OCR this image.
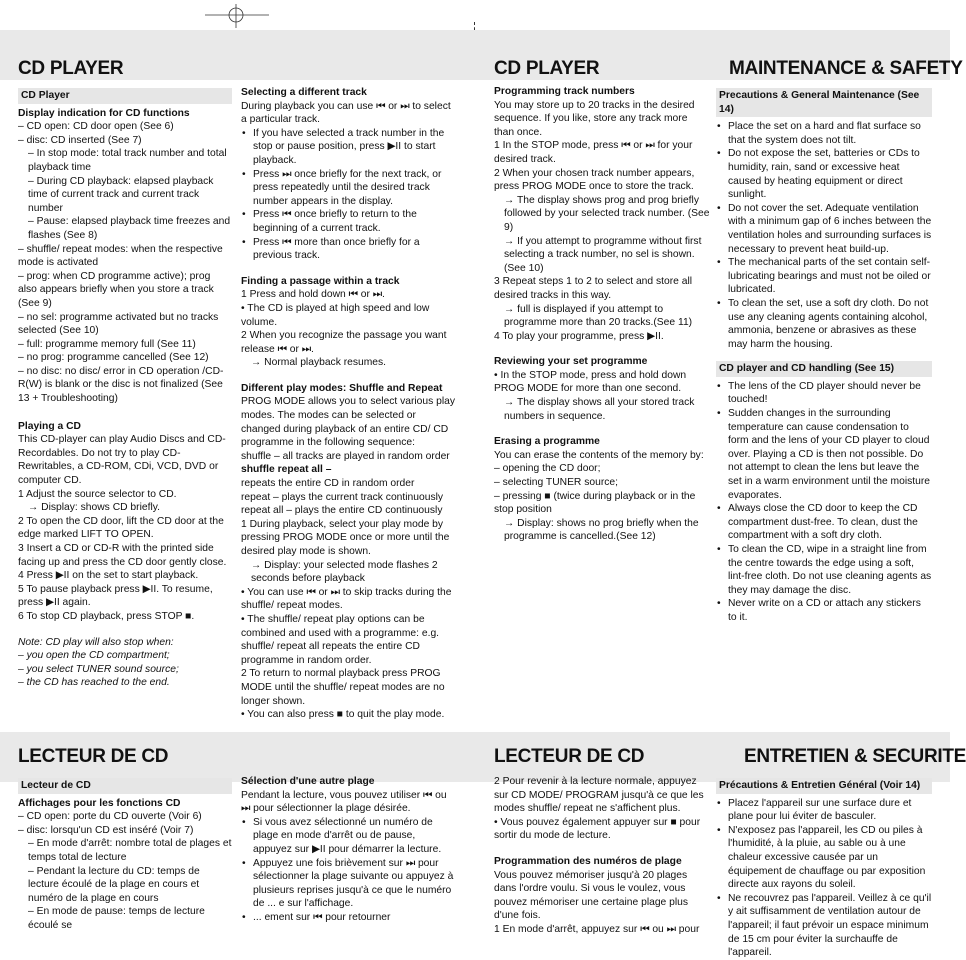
CD PLAYER	CD PLAYER	MAINTENANCE & SAFETY
CD Player

Display indication for CD functions

– CD open: CD door open (See 6)

– disc: CD inserted (See 7)

– In stop mode: total track number and total playback time

– During CD playback: elapsed playback time of current track and current track number

– Pause: elapsed playback time freezes and flashes (See 8)

– shuffle/ repeat modes: when the respective mode is activated

– prog: when CD programme active); prog also appears briefly when you store a track (See 9)

– no sel: programme activated but no tracks selected (See 10)

– full: programme memory full (See 11)

– no prog: programme cancelled (See 12)

– no disc: no disc/ error in CD operation /CD-R(W) is blank or the disc is not finalized (See 13 + Troubleshooting)

Playing a CD

This CD-player can play Audio Discs and CD-Recordables. Do not try to play CD-Rewritables, a CD-ROM, CDi, VCD, DVD or computer CD.

1 Adjust the source selector to CD.

→ Display: shows CD briefly.

2 To open the CD door, lift the CD door at the edge marked LIFT TO OPEN.

3 Insert a CD or CD-R with the printed side facing up and press the CD door gently close.

4 Press ▶II on the set to start playback.

5 To pause playback press ▶II. To resume, press ▶II again.

6 To stop CD playback, press STOP ■.

Note: CD play will also stop when:

– you open the CD compartment;

– you select TUNER sound source;

– the CD has reached to the end.

Selecting a different track

During playback you can use ⏮ or ⏭ to select a particular track.

• If you have selected a track number in the stop or pause position, press ▶II to start playback.
• Press ⏭ once briefly for the next track, or press repeatedly until the desired track number appears in the display.
• Press ⏮ once briefly to return to the beginning of a current track.
• Press ⏮ more than once briefly for a previous track.

Finding a passage within a track

1 Press and hold down ⏮ or ⏭.

• The CD is played at high speed and low volume.

2 When you recognize the passage you want release ⏮ or ⏭.

→ Normal playback resumes.

Different play modes: Shuffle and Repeat

PROG MODE allows you to select various play modes. The modes can be selected or changed during playback of an entire CD/ CD programme in the following sequence:

shuffle – all tracks are played in random order

shuffle repeat all –

repeats the entire CD in random order

repeat – plays the current track continuously

repeat all – plays the entire CD continuously

1 During playback, select your play mode by pressing PROG MODE once or more until the desired play mode is shown.

→ Display: your selected mode flashes 2 seconds before playback

• You can use ⏮ or ⏭ to skip tracks during the shuffle/ repeat modes.

• The shuffle/ repeat play options can be combined and used with a programme: e.g. shuffle/ repeat all repeats the entire CD programme in random order.

2 To return to normal playback press PROG MODE until the shuffle/ repeat modes are no longer shown.

• You can also press ■ to quit the play mode.

Programming track numbers

You may store up to 20 tracks in the desired sequence. If you like, store any track more than once.

1 In the STOP mode, press ⏮ or ⏭ for your desired track.

2 When your chosen track number appears, press PROG MODE once to store the track.

→ The display shows prog and prog briefly followed by your selected track number. (See 9)

→ If you attempt to programme without first selecting a track number, no sel is shown. (See 10)

3 Repeat steps 1 to 2 to select and store all desired tracks in this way.

→ full is displayed if you attempt to programme more than 20 tracks.(See 11)

4 To play your programme, press ▶II.

Reviewing your set programme

• In the STOP mode, press and hold down PROG MODE for more than one second.

→ The display shows all your stored track numbers in sequence.

Erasing a programme

You can erase the contents of the memory by:

– opening the CD door;

– selecting TUNER source;

– pressing ■ (twice during playback or in the stop position

→ Display: shows no prog briefly when the programme is cancelled.(See 12)

Precautions & General Maintenance (See 14)
• Place the set on a hard and flat surface so that the system does not tilt.
• Do not expose the set, batteries or CDs to humidity, rain, sand or excessive heat caused by heating equipment or direct sunlight.
• Do not cover the set. Adequate ventilation with a minimum gap of 6 inches between the ventilation holes and surrounding surfaces is necessary to prevent heat build-up.
• The mechanical parts of the set contain self-lubricating bearings and must not be oiled or lubricated.
• To clean the set, use a soft dry cloth. Do not use any cleaning agents containing alcohol, ammonia, benzene or abrasives as these may harm the housing.
CD player and CD handling (See 15)
• The lens of the CD player should never be touched!
• Sudden changes in the surrounding temperature can cause condensation to form and the lens of your CD player to cloud over. Playing a CD is then not possible. Do not attempt to clean the lens but leave the set in a warm environment until the moisture evaporates.
• Always close the CD door to keep the CD compartment dust-free. To clean, dust the compartment with a soft dry cloth.
• To clean the CD, wipe in a straight line from the centre towards the edge using a soft, lint-free cloth. Do not use cleaning agents as they may damage the disc.
• Never write on a CD or attach any stickers to it.
LECTEUR DE CD	LECTEUR DE CD	ENTRETIEN & SECURITE
Lecteur de CD

Affichages pour les fonctions CD

– CD open: porte du CD ouverte (Voir 6)

– disc: lorsqu'un CD est inséré (Voir 7)

– En mode d'arrêt: nombre total de plages et temps total de lecture

– Pendant la lecture du CD: temps de lecture écoulé de la plage en cours et numéro de la plage en cours

– En mode de pause: temps de lecture écoulé se

Sélection d'une autre plage

Pendant la lecture, vous pouvez utiliser ⏮ ou ⏭ pour sélectionner la plage désirée.

• Si vous avez sélectionné un numéro de plage en mode d'arrêt ou de pause, appuyez sur ▶II pour démarrer la lecture.
• Appuyez une fois brièvement sur ⏭ pour sélectionner la plage suivante ou appuyez à plusieurs reprises jusqu'à ce que le numéro de ... e sur l'affichage.
• ... ement sur ⏮ pour retourner

2 Pour revenir à la lecture normale, appuyez sur CD MODE/ PROGRAM jusqu'à ce que les modes shuffle/ repeat ne s'affichent plus.

• Vous pouvez également appuyer sur ■ pour sortir du mode de lecture.

Programmation des numéros de plage

Vous pouvez mémoriser jusqu'à 20 plages dans l'ordre voulu. Si vous le voulez, vous pouvez mémoriser une certaine plage plus d'une fois.

1 En mode d'arrêt, appuyez sur ⏮ ou ⏭ pour

Précautions & Entretien Général (Voir 14)
• Placez l'appareil sur une surface dure et plane pour lui éviter de basculer.
• N'exposez pas l'appareil, les CD ou piles à l'humidité, à la pluie, au sable ou à une chaleur excessive causée par un équipement de chauffage ou par exposition directe aux rayons du soleil.
• Ne recouvrez pas l'appareil. Veillez à ce qu'il y ait suffisamment de ventilation autour de l'appareil; il faut prévoir un espace minimum de 15 cm pour éviter la surchauffe de l'appareil.
